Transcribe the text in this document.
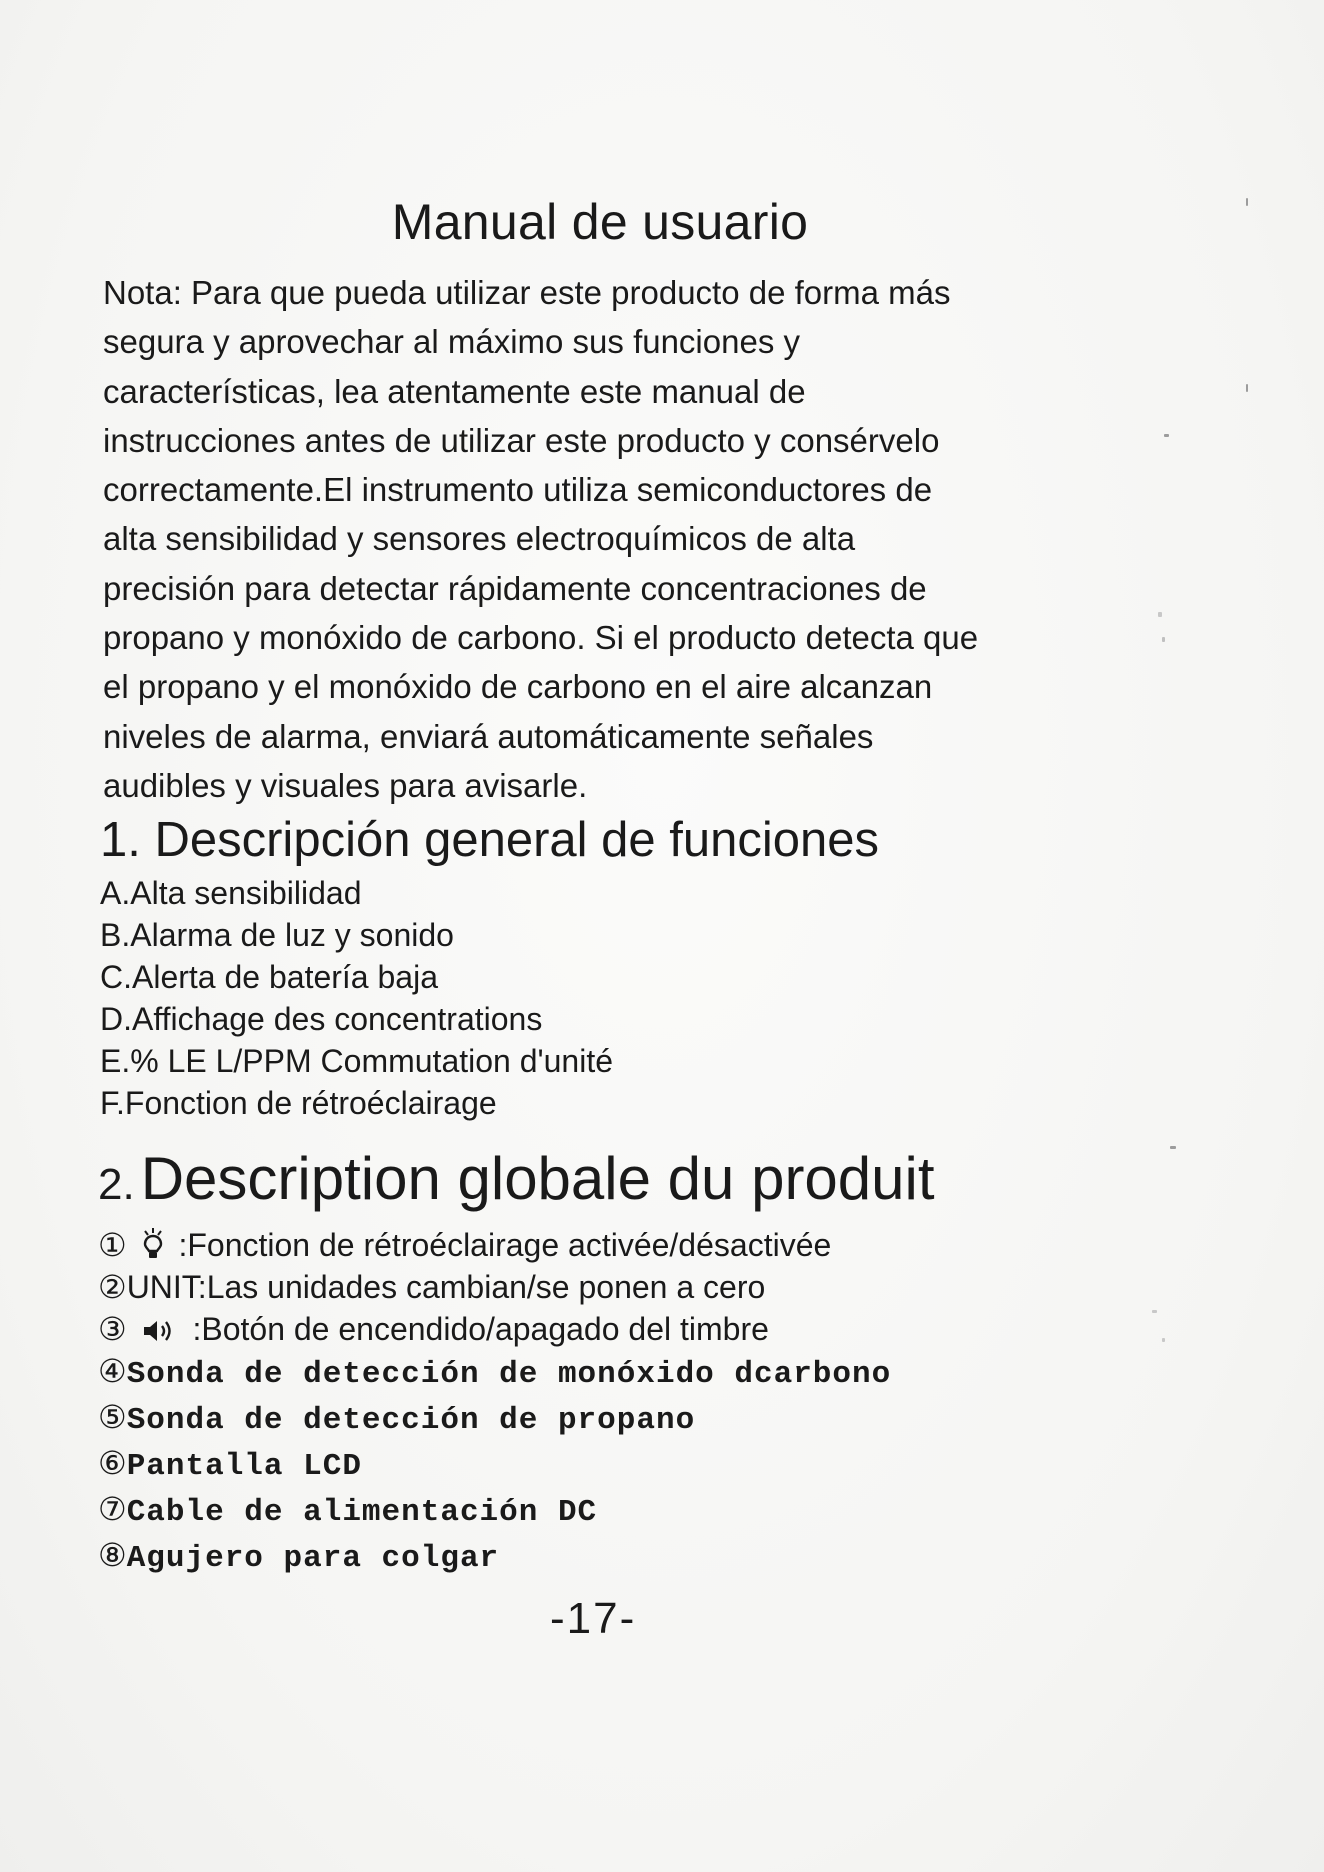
Manual de usuario

Nota: Para que pueda utilizar este producto de forma más

segura y aprovechar al máximo sus funciones y

características, lea atentamente este manual de

instrucciones antes de utilizar este producto y consérvelo

correctamente.El instrumento utiliza semiconductores de

alta sensibilidad y sensores electroquímicos de alta

precisión para detectar rápidamente concentraciones de

propano y monóxido de carbono. Si el producto detecta que

el propano y el monóxido de carbono en el aire alcanzan

niveles de alarma, enviará automáticamente señales

audibles y visuales para avisarle.

1. Descripción general de funciones
A.Alta sensibilidad
B.Alarma de luz y sonido
C.Alerta de batería baja
D.Affichage des concentrations
E.% LE L/PPM Commutation d'unité
F.Fonction de rétroéclairage
2. Description globale du produit
① :Fonction de rétroéclairage activée/désactivée
②UNIT:Las unidades cambian/se ponen a cero
③ :Botón de encendido/apagado del timbre
④Sonda de detección de monóxido dcarbono
⑤Sonda de detección de propano
⑥Pantalla LCD
⑦Cable de alimentación DC
⑧Agujero para colgar
-17-
